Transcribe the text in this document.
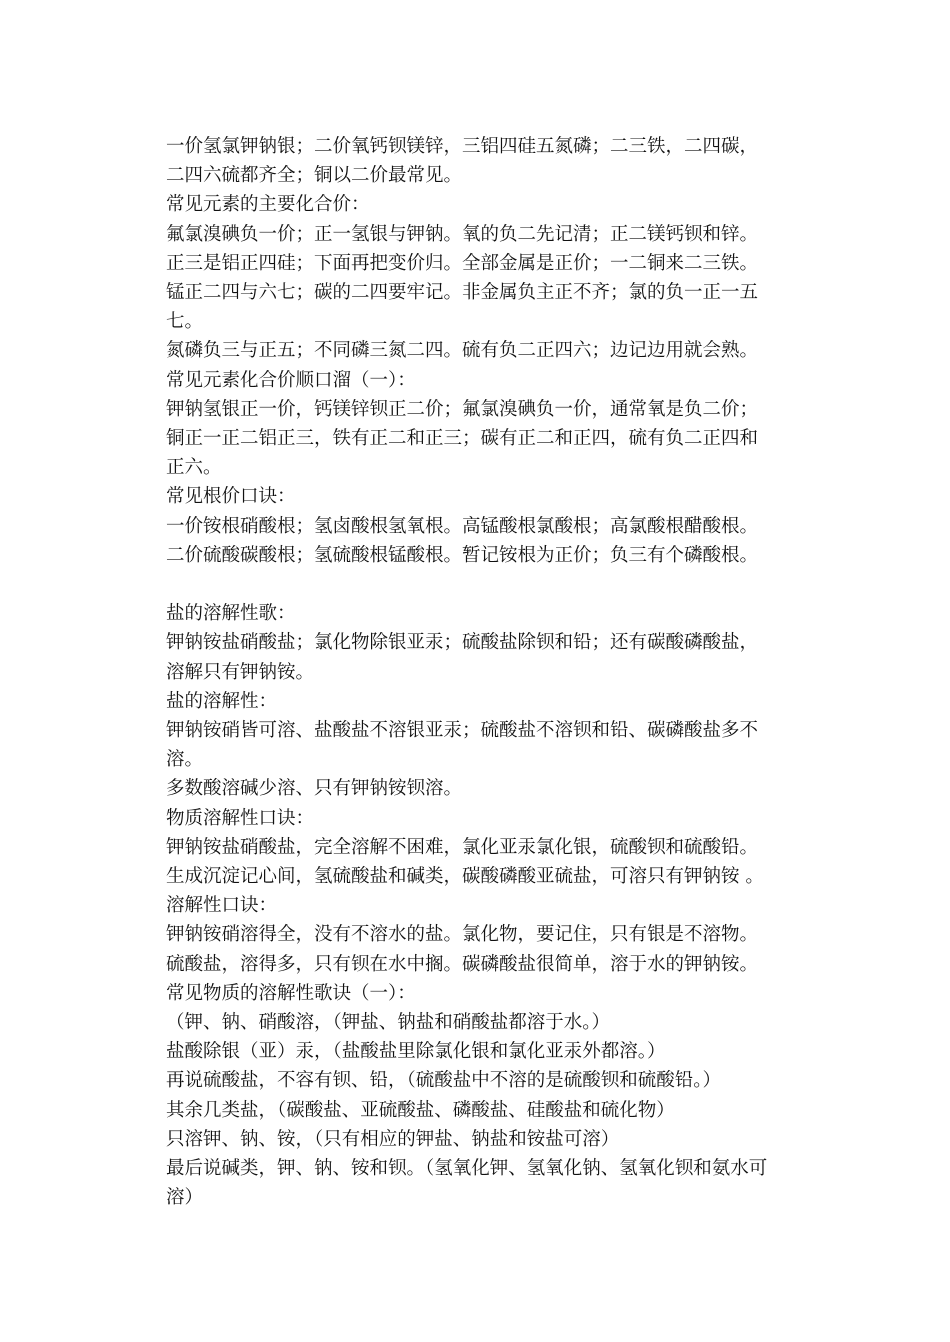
一价氢氯钾钠银；二价氧钙钡镁锌，三铝四硅五氮磷；二三铁，二四碳，
二四六硫都齐全；铜以二价最常见。
常见元素的主要化合价：
氟氯溴碘负一价；正一氢银与钾钠。氧的负二先记清；正二镁钙钡和锌。
正三是铝正四硅；下面再把变价归。全部金属是正价；一二铜来二三铁。
锰正二四与六七；碳的二四要牢记。非金属负主正不齐；氯的负一正一五
七。
氮磷负三与正五；不同磷三氮二四。硫有负二正四六；边记边用就会熟。
常见元素化合价顺口溜（一）：
钾钠氢银正一价，钙镁锌钡正二价；氟氯溴碘负一价，通常氧是负二价；
铜正一正二铝正三，铁有正二和正三；碳有正二和正四，硫有负二正四和
正六。
常见根价口诀：
一价铵根硝酸根；氢卤酸根氢氧根。高锰酸根氯酸根；高氯酸根醋酸根。
二价硫酸碳酸根；氢硫酸根锰酸根。暂记铵根为正价；负三有个磷酸根。
盐的溶解性歌：
钾钠铵盐硝酸盐；氯化物除银亚汞；硫酸盐除钡和铅；还有碳酸磷酸盐，
溶解只有钾钠铵。
盐的溶解性：
钾钠铵硝皆可溶、盐酸盐不溶银亚汞；硫酸盐不溶钡和铅、碳磷酸盐多不
溶。
多数酸溶碱少溶、只有钾钠铵钡溶。
物质溶解性口诀：
钾钠铵盐硝酸盐，完全溶解不困难，氯化亚汞氯化银，硫酸钡和硫酸铅。
生成沉淀记心间，氢硫酸盐和碱类，碳酸磷酸亚硫盐，可溶只有钾钠铵 。
溶解性口诀：
钾钠铵硝溶得全，没有不溶水的盐。氯化物，要记住，只有银是不溶物。
硫酸盐，溶得多，只有钡在水中搁。碳磷酸盐很简单，溶于水的钾钠铵。
常见物质的溶解性歌诀（一）：
（钾、钠、硝酸溶，（钾盐、钠盐和硝酸盐都溶于水。）
盐酸除银（亚）汞，（盐酸盐里除氯化银和氯化亚汞外都溶。）
再说硫酸盐，不容有钡、铅，（硫酸盐中不溶的是硫酸钡和硫酸铅。）
其余几类盐，（碳酸盐、亚硫酸盐、磷酸盐、硅酸盐和硫化物）
只溶钾、钠、铵，（只有相应的钾盐、钠盐和铵盐可溶）
最后说碱类，钾、钠、铵和钡。（氢氧化钾、氢氧化钠、氢氧化钡和氨水可
溶）
